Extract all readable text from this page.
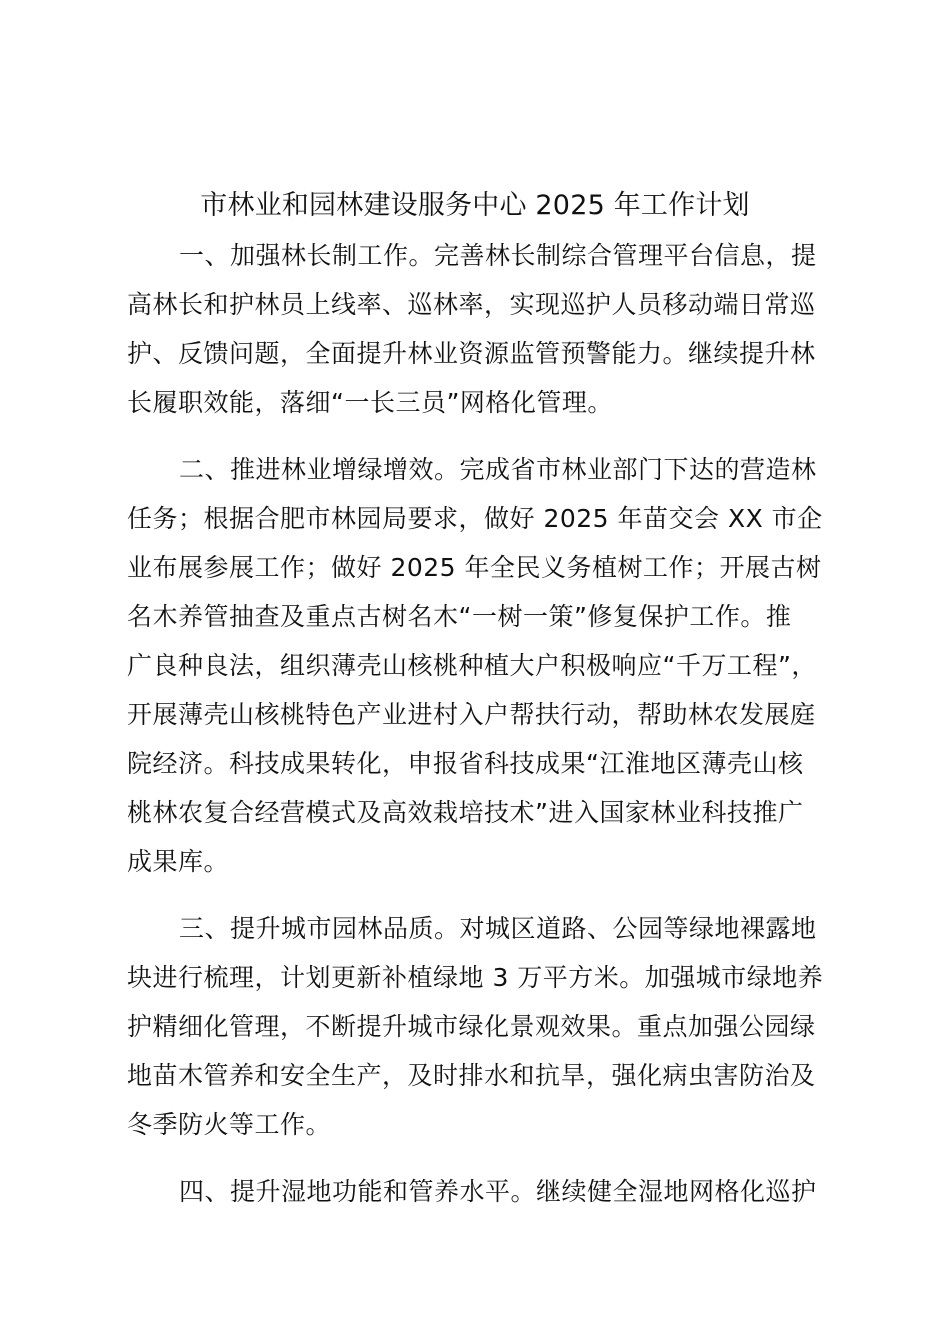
市林业和园林建设服务中心 2025 年工作计划
一、加强林长制工作。完善林长制综合管理平台信息，提
高林长和护林员上线率、巡林率，实现巡护人员移动端日常巡
护、反馈问题，全面提升林业资源监管预警能力。继续提升林
长履职效能，落细“一长三员”网格化管理。
二、推进林业增绿增效。完成省市林业部门下达的营造林
任务；根据合肥市林园局要求，做好 2025 年苗交会 XX 市企
业布展参展工作；做好 2025 年全民义务植树工作；开展古树
名木养管抽查及重点古树名木“一树一策”修复保护工作。推
广良种良法，组织薄壳山核桃种植大户积极响应“千万工程”，
开展薄壳山核桃特色产业进村入户帮扶行动，帮助林农发展庭
院经济。科技成果转化，申报省科技成果“江淮地区薄壳山核
桃林农复合经营模式及高效栽培技术”进入国家林业科技推广
成果库。
三、提升城市园林品质。对城区道路、公园等绿地裸露地
块进行梳理，计划更新补植绿地 3 万平方米。加强城市绿地养
护精细化管理，不断提升城市绿化景观效果。重点加强公园绿
地苗木管养和安全生产，及时排水和抗旱，强化病虫害防治及
冬季防火等工作。
四、提升湿地功能和管养水平。继续健全湿地网格化巡护
